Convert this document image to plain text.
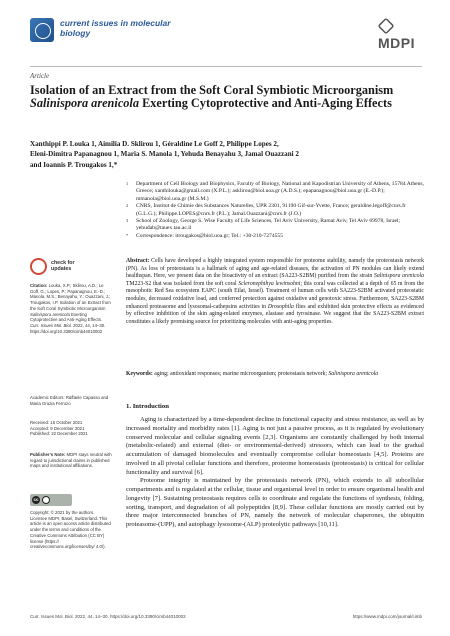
current issues in molecular biology
MDPI
Article
Isolation of an Extract from the Soft Coral Symbiotic Microorganism Salinispora arenicola Exerting Cytoprotective and Anti-Aging Effects
Xanthippi P. Louka 1, Aimilia D. Sklirou 1, Géraldine Le Goff 2, Philippe Lopes 2,
Eleni-Dimitra Papanagnou 1, Maria S. Manola 1, Yehuda Benayahu 3, Jamal Ouazzani 2
and Ioannis P. Trougakos 1,*
1 Department of Cell Biology and Biophysics, Faculty of Biology, National and Kapodistrian University of Athens, 15784 Athens, Greece; xanthilouka@gmail.com (X.P.L.); asklirou@biol.uoa.gr (A.D.S.); epapanagnou@biol.uoa.gr (E.-D.P.); mmanola@biol.uoa.gr (M.S.M.)
2 CNRS, Institut de Chimie des Substances Naturelles, UPR 2301, 91190 Gif-sur-Yvette, France; geraldine.legoff@cnrs.fr (G.L.G.); Philippe.LOPES@cnrs.fr (P.L.); Jamal.Ouazzani@cnrs.fr (J.O.)
3 School of Zoology, George S. Wise Faculty of Life Sciences, Tel Aviv University, Ramat Aviv, Tel Aviv 69978, Israel; yehudab@tauex.tau.ac.il
* Correspondence: itrougakos@biol.uoa.gr; Tel.: +30-210-7274555
Abstract: Cells have developed a highly integrated system responsible for proteome stability, namely the proteostasis network (PN). As loss of proteostasis is a hallmark of aging and age-related diseases, the activation of PN modules can likely extend healthspan. Here, we present data on the bioactivity of an extract (SA223-S2BM) purified from the strain Salinispora arenicola TM223-S2 that was isolated from the soft coral Scleronephthya lewinsohni; this coral was collected at a depth of 65 m from the mesophotic Red Sea ecosystem EAPC (south Eilat, Israel). Treatment of human cells with SA223-S2BM activated proteostatic modules, decreased oxidative load, and conferred protection against oxidative and genotoxic stress. Furthermore, SA223-S2BM enhanced proteasome and lysosomal-cathepsins activities in Drosophila flies and exhibited skin protective effects as evidenced by effective inhibition of the skin aging-related enzymes, elastase and tyrosinase. We suggest that the SA223-S2BM extract constitutes a likely promising source for prioritizing molecules with anti-aging properties.
Keywords: aging; antioxidant responses; marine microorganism; proteostasis network; Salinispora arenicola
check for
updates
Citation: Louka, X.P.; Sklirou, A.D.; Le Goff, G.; Lopes, P.; Papanagnou, E.-D.; Manola, M.S.; Benayahu, Y.; Ouazzani, J.; Trougakos, I.P. Isolation of an Extract from the Soft Coral Symbiotic Microorganism Salinispora arenicola Exerting Cytoprotective and Anti-Aging Effects. Curr. Issues Mol. Biol. 2022, 44, 14–30. https://doi.org/10.3390/cimb44010002
Academic Editors: Raffaele Capasso and Maria Grazia Ferruzo
Received: 15 October 2021
Accepted: 9 December 2021
Published: 22 December 2021
Publisher’s Note: MDPI stays neutral with regard to jurisdictional claims in published maps and institutional affiliations.
cc
Copyright: © 2021 by the authors. Licensee MDPI, Basel, Switzerland. This article is an open access article distributed under the terms and conditions of the Creative Commons Attribution (CC BY) license (https:// creativecommons.org/licenses/by/ 4.0/).
1. Introduction

Aging is characterized by a time-dependent decline in functional capacity and stress resistance, as well as by increased mortality and morbidity rates [1]. Aging is not just a passive process, as it is regulated by evolutionary conserved molecular and cellular signaling events [2,3]. Organisms are constantly challenged by both internal (metabolic-related) and external (diet- or environmental-derived) stressors, which can lead to the gradual accumulation of damaged biomolecules and eventually compromise cellular homeostasis [4,5]. Proteins are involved in all pivotal cellular functions and therefore, proteome homeostasis (proteostasis) is critical for cellular functionality and survival [6].

Proteome integrity is maintained by the proteostasis network (PN), which extends to all subcellular compartments and is regulated at the cellular, tissue and organismal level in order to ensure organismal health and longevity [7]. Sustaining proteostasis requires cells to coordinate and regulate the functions of synthesis, folding, sorting, transport, and degradation of all polypeptides [8,9]. These cellular functions are mostly carried out by three major interconnected branches of PN, namely the network of molecular chaperones, the ubiquitin proteasome-(UPP), and autophagy lysosome-(ALP) proteolytic pathways [10,11].

Curr. Issues Mol. Biol. 2022, 44, 14–30. https://doi.org/10.3390/cimb44010002	https://www.mdpi.com/journal/cimb
